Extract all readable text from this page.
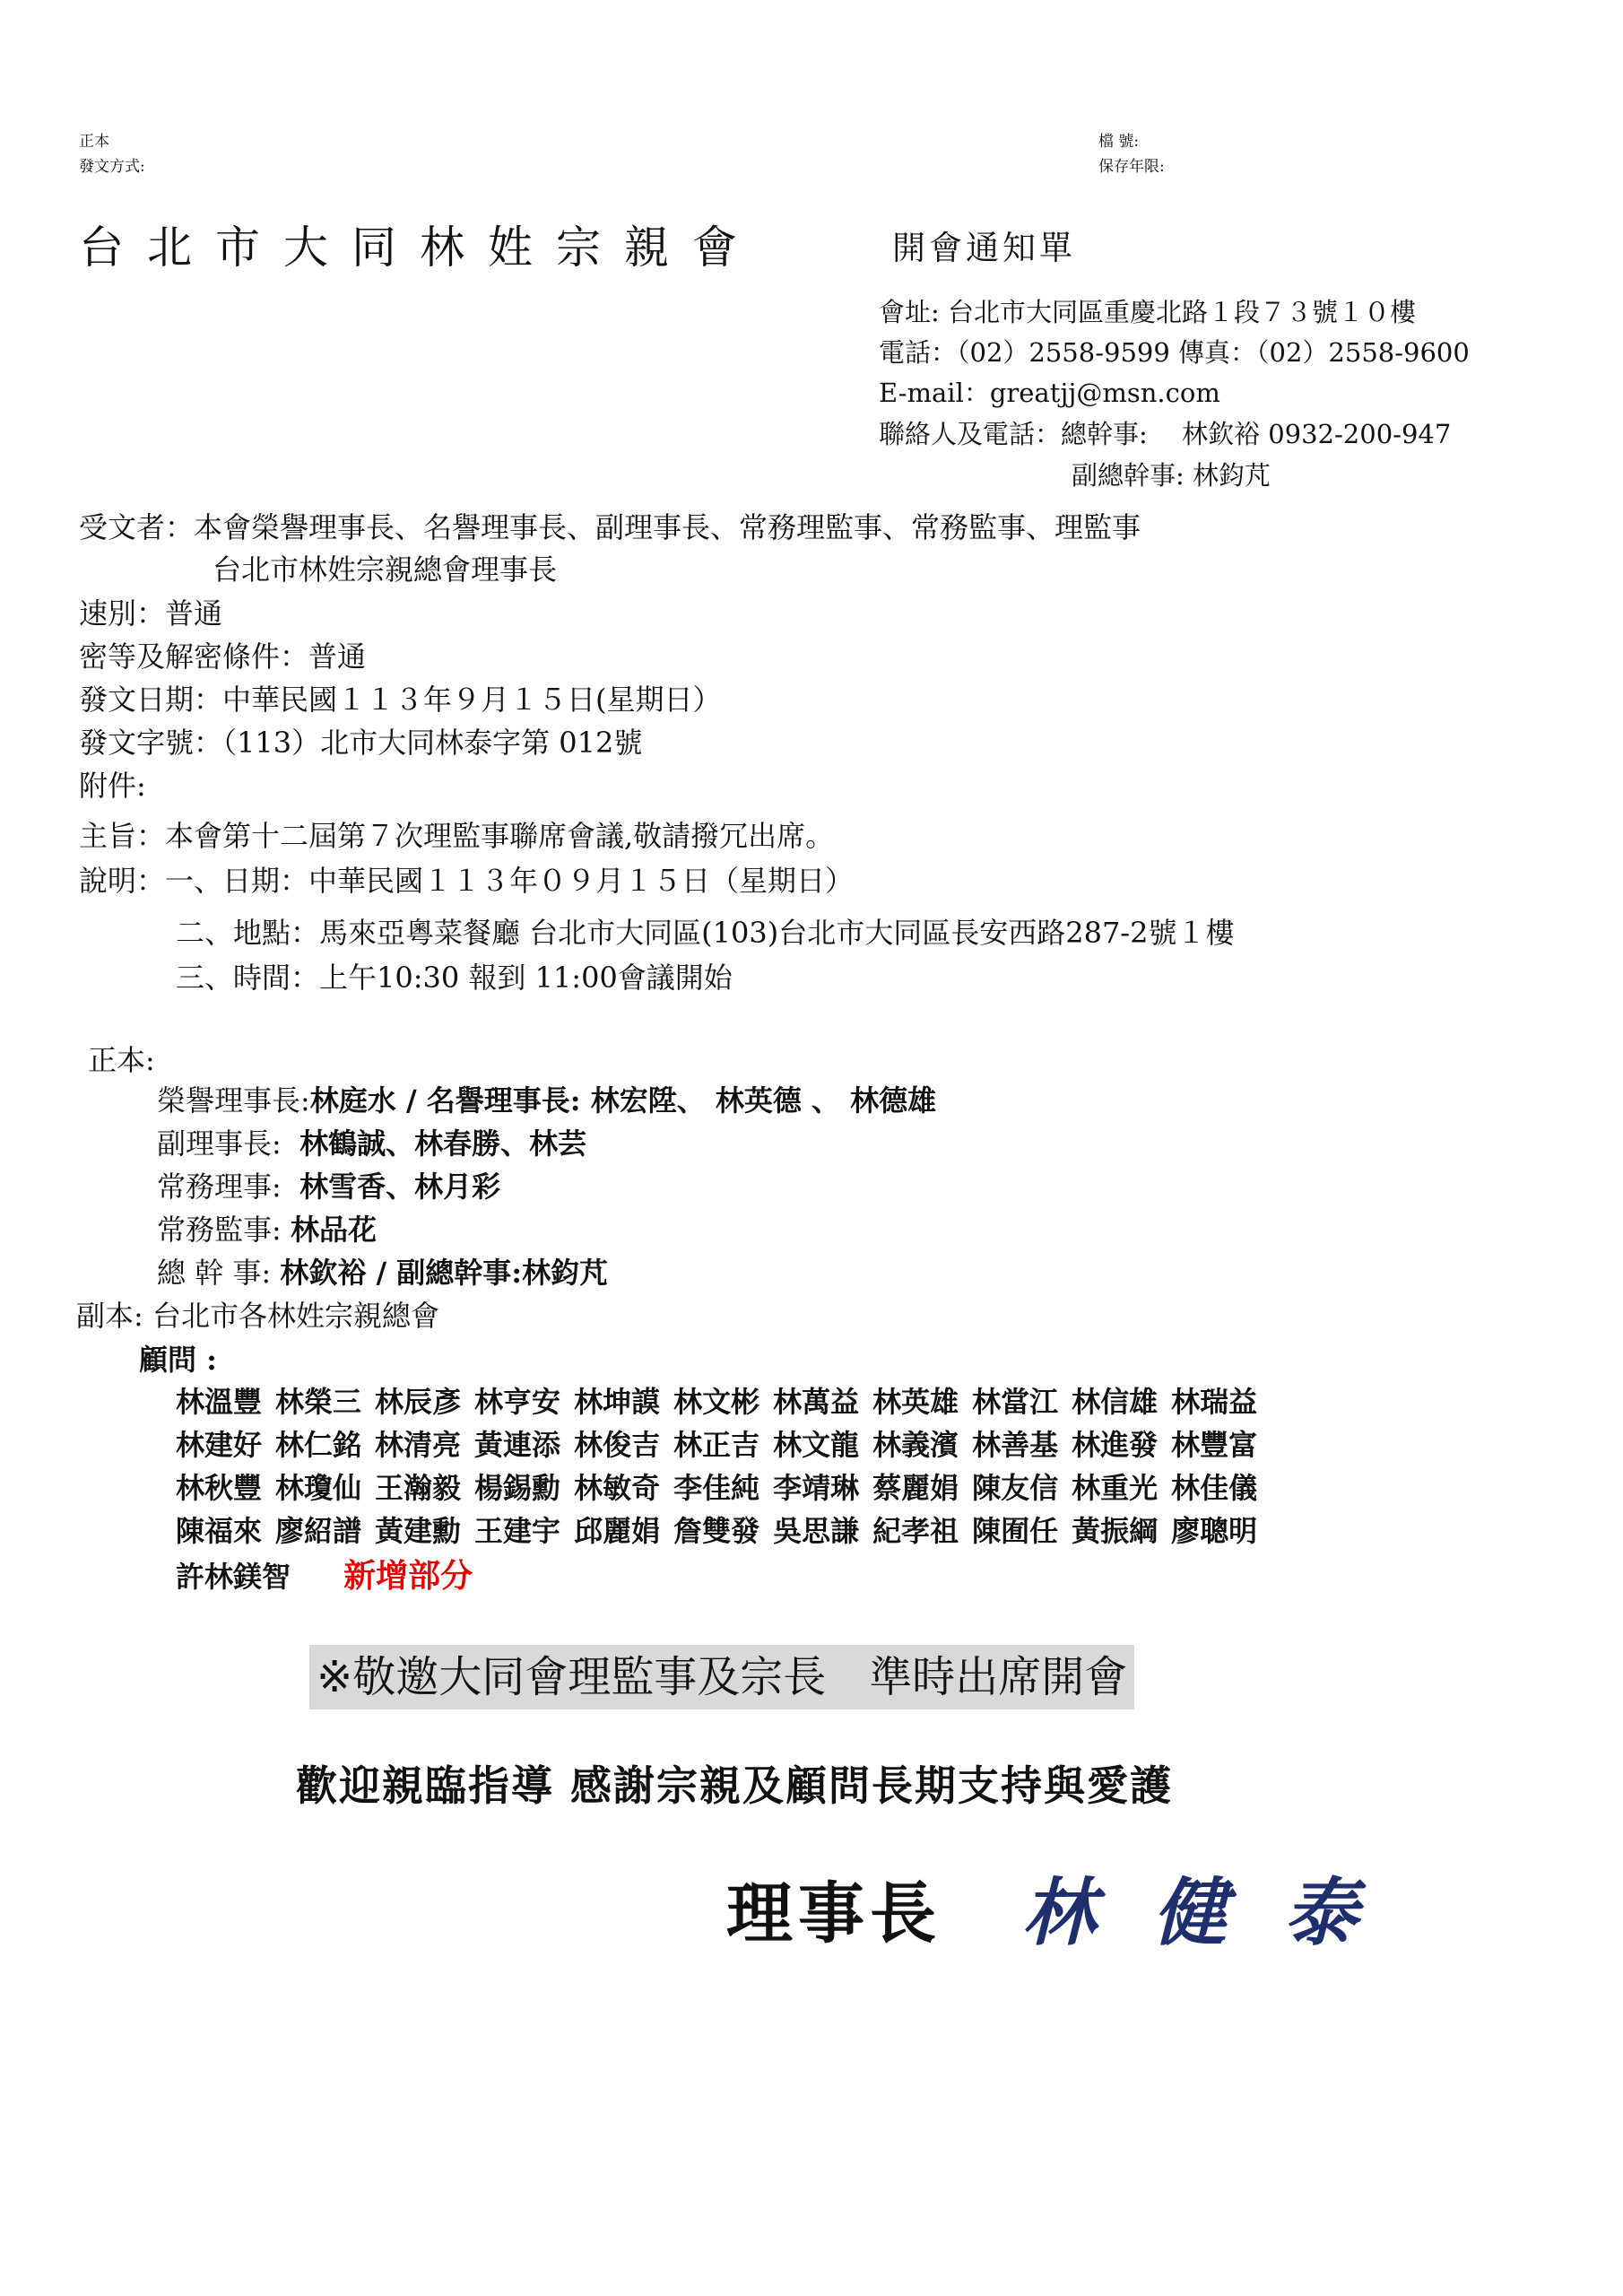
正本
發文方式:
檔 號:
保存年限:
台北市大同林姓宗親會	開會通知單
會址: 台北市大同區重慶北路１段７３號１０樓
電話：（02）2558-9599 傳真：（02）2558-9600
E-mail：greatjj@msn.com
聯絡人及電話：總幹事:　 林欽裕 0932-200-947
副總幹事: 林鈞芃
受文者：本會榮譽理事長、名譽理事長、副理事長、常務理監事、常務監事、理監事
台北市林姓宗親總會理事長
速別：普通
密等及解密條件：普通
發文日期：中華民國１１３年９月１５日(星期日）
發文字號：（113）北市大同林泰字第 012號
附件:
主旨：本會第十二屆第７次理監事聯席會議,敬請撥冗出席。
說明：一、日期：中華民國１１３年０９月１５日（星期日）
二、地點：馬來亞粵菜餐廳 台北市大同區(103)台北市大同區長安西路287-2號１樓
三、時間：上午10:30 報到 11:00會議開始
正本:
榮譽理事長:林庭水 / 名譽理事長: 林宏陞、 林英德 、 林德雄
副理事長: 林鶴誠、林春勝、林芸
常務理事: 林雪香、林月彩
常務監事: 林品花
總 幹 事: 林欽裕 / 副總幹事:林鈞芃
副本: 台北市各林姓宗親總會
顧問 :
林溫豐 林榮三 林辰彥 林亨安 林坤謨 林文彬 林萬益 林英雄 林當江 林信雄 林瑞益
林建好 林仁銘 林清亮 黃連添 林俊吉 林正吉 林文龍 林義濱 林善基 林進發 林豐富
林秋豐 林瓊仙 王瀚毅 楊錫勳 林敏奇 李佳純 李靖琳 蔡麗娟 陳友信 林重光 林佳儀
陳福來 廖紹譜 黃建勳 王建宇 邱麗娟 詹雙發 吳思謙 紀孝祖 陳囿任 黃振綱 廖聰明
許林鎂智 新增部分
※敬邀大同會理監事及宗長　準時出席開會
歡迎親臨指導 感謝宗親及顧問長期支持與愛護
理事長 林健泰
